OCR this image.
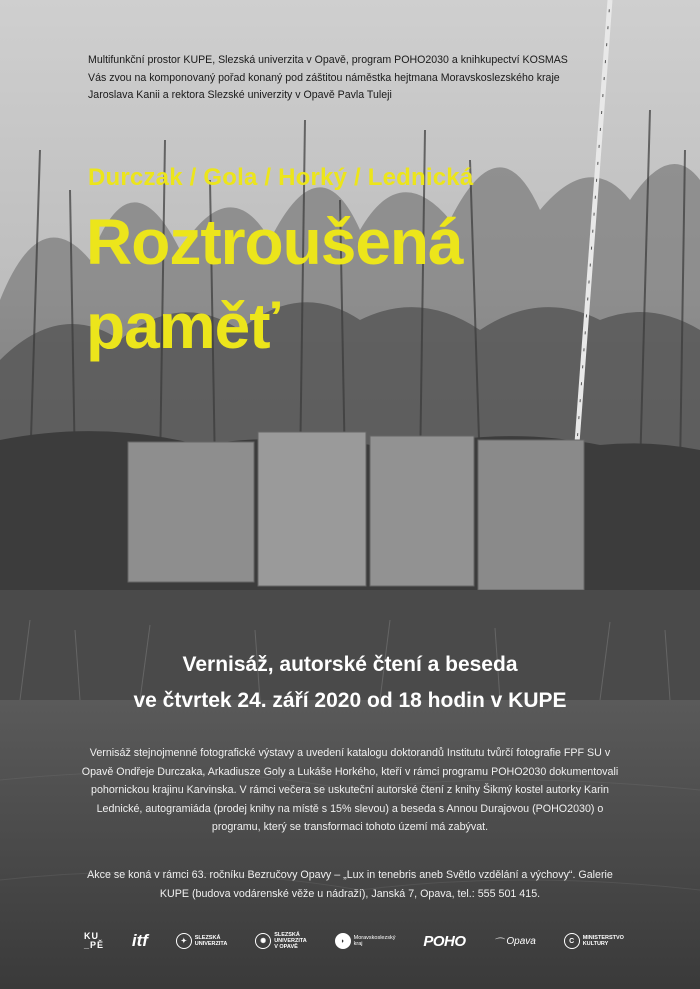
Multifunkční prostor KUPE, Slezská univerzita v Opavě, program POHO2030 a knihkupectví KOSMAS
Vás zvou na komponovaný pořad konaný pod záštitou náměstka hejtmana Moravskoslezského kraje
Jaroslava Kanii a rektora Slezské univerzity v Opavě Pavla Tuleji
Durczak / Gola / Horký / Lednická
Roztroušená
paměť
Vernisáž, autorské čtení a beseda
ve čtvrtek 24. září 2020 od 18 hodin v KUPE
Vernisáž stejnojmenné fotografické výstavy a uvedení katalogu doktorandů Institutu tvůrčí fotografie FPF SU v Opavě Ondřeje Durczaka, Arkadiusze Goly a Lukáše Horkého, kteří v rámci programu POHO2030 dokumentovali pohornickou krajinu Karvinska. V rámci večera se uskuteční autorské čtení z knihy Šikmý kostel autorky Karin Lednické, autogramiáda (prodej knihy na místě s 15% slevou) a beseda s Annou Durajovou (POHO2030) o programu, který se transformaci tohoto území má zabývat.
Akce se koná v rámci 63. ročníku Bezručovy Opavy – „Lux in tenebris aneb Světlo vzdělání a výchovy“. Galerie KUPE (budova vodárenské věže u nádraží), Janská 7, Opava, tel.: 555 501 415.
KU
_PĚ itf	✦	SLEZSKÁ
UNIVERZITA	✺
SLEZSKÁ
UNIVERZITA
V OPAVĚ
◗	Moravskoslezský
kraj	POHO	⌒ Opava	C	MINISTERSTVO
KULTURY
